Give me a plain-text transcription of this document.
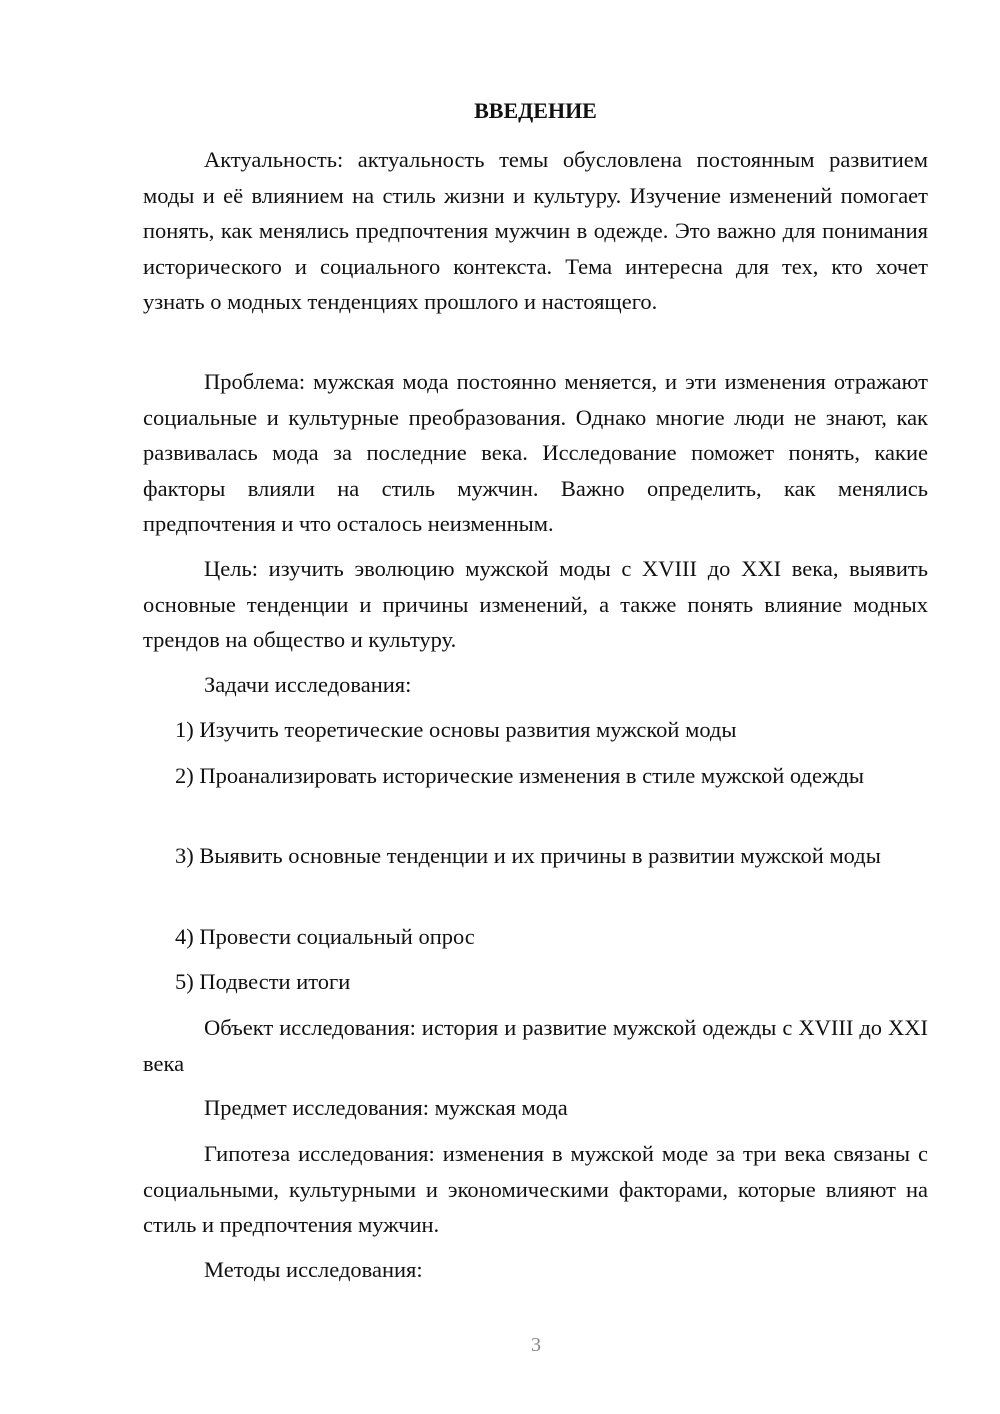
ВВЕДЕНИЕ

Актуальность: актуальность темы обусловлена постоянным развитием моды и её влиянием на стиль жизни и культуру. Изучение изменений помогает понять, как менялись предпочтения мужчин в одежде. Это важно для понимания исторического и социального контекста. Тема интересна для тех, кто хочет узнать о модных тенденциях прошлого и настоящего.

Проблема: мужская мода постоянно меняется, и эти изменения отражают социальные и культурные преобразования. Однако многие люди не знают, как развивалась мода за последние века. Исследование поможет понять, какие факторы влияли на стиль мужчин. Важно определить, как менялись предпочтения и что осталось неизменным.

Цель: изучить эволюцию мужской моды с XVIII до XXI века, выявить основные тенденции и причины изменений, а также понять влияние модных трендов на общество и культуру.

Задачи исследования:

1) Изучить теоретические основы развития мужской моды

2) Проанализировать исторические изменения в стиле мужской одежды

3) Выявить основные тенденции и их причины в развитии мужской моды

4) Провести социальный опрос

5) Подвести итоги

Объект исследования: история и развитие мужской одежды с XVIII до XXI века

Предмет исследования: мужская мода

Гипотеза исследования: изменения в мужской моде за три века связаны с социальными, культурными и экономическими факторами, которые влияют на стиль и предпочтения мужчин.

Методы исследования:

3
